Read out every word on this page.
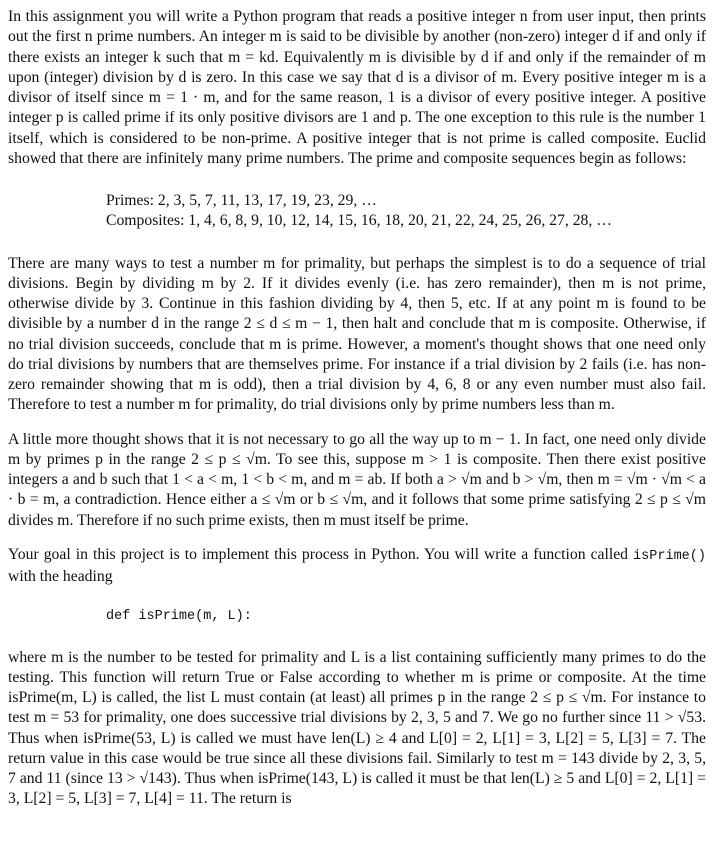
In this assignment you will write a Python program that reads a positive integer n from user input, then prints out the first n prime numbers. An integer m is said to be divisible by another (non-zero) integer d if and only if there exists an integer k such that m = kd. Equivalently m is divisible by d if and only if the remainder of m upon (integer) division by d is zero. In this case we say that d is a divisor of m. Every positive integer m is a divisor of itself since m = 1 · m, and for the same reason, 1 is a divisor of every positive integer. A positive integer p is called prime if its only positive divisors are 1 and p. The one exception to this rule is the number 1 itself, which is considered to be non-prime. A positive integer that is not prime is called composite. Euclid showed that there are infinitely many prime numbers. The prime and composite sequences begin as follows:

Primes: 2, 3, 5, 7, 11, 13, 17, 19, 23, 29, …
Composites: 1, 4, 6, 8, 9, 10, 12, 14, 15, 16, 18, 20, 21, 22, 24, 25, 26, 27, 28, …

There are many ways to test a number m for primality, but perhaps the simplest is to do a sequence of trial divisions. Begin by dividing m by 2. If it divides evenly (i.e. has zero remainder), then m is not prime, otherwise divide by 3. Continue in this fashion dividing by 4, then 5, etc. If at any point m is found to be divisible by a number d in the range 2 ≤ d ≤ m − 1, then halt and conclude that m is composite. Otherwise, if no trial division succeeds, conclude that m is prime. However, a moment's thought shows that one need only do trial divisions by numbers that are themselves prime. For instance if a trial division by 2 fails (i.e. has non-zero remainder showing that m is odd), then a trial division by 4, 6, 8 or any even number must also fail. Therefore to test a number m for primality, do trial divisions only by prime numbers less than m.

A little more thought shows that it is not necessary to go all the way up to m − 1. In fact, one need only divide m by primes p in the range 2 ≤ p ≤ √m. To see this, suppose m > 1 is composite. Then there exist positive integers a and b such that 1 < a < m, 1 < b < m, and m = ab. If both a > √m and b > √m, then m = √m · √m < a · b = m, a contradiction. Hence either a ≤ √m or b ≤ √m, and it follows that some prime satisfying 2 ≤ p ≤ √m divides m. Therefore if no such prime exists, then m must itself be prime.

Your goal in this project is to implement this process in Python. You will write a function called isPrime() with the heading

def isPrime(m, L):

where m is the number to be tested for primality and L is a list containing sufficiently many primes to do the testing. This function will return True or False according to whether m is prime or composite. At the time isPrime(m, L) is called, the list L must contain (at least) all primes p in the range 2 ≤ p ≤ √m. For instance to test m = 53 for primality, one does successive trial divisions by 2, 3, 5 and 7. We go no further since 11 > √53. Thus when isPrime(53, L) is called we must have len(L) ≥ 4 and L[0] = 2, L[1] = 3, L[2] = 5, L[3] = 7. The return value in this case would be true since all these divisions fail. Similarly to test m = 143 divide by 2, 3, 5, 7 and 11 (since 13 > √143). Thus when isPrime(143, L) is called it must be that len(L) ≥ 5 and L[0] = 2, L[1] = 3, L[2] = 5, L[3] = 7, L[4] = 11. The return is
